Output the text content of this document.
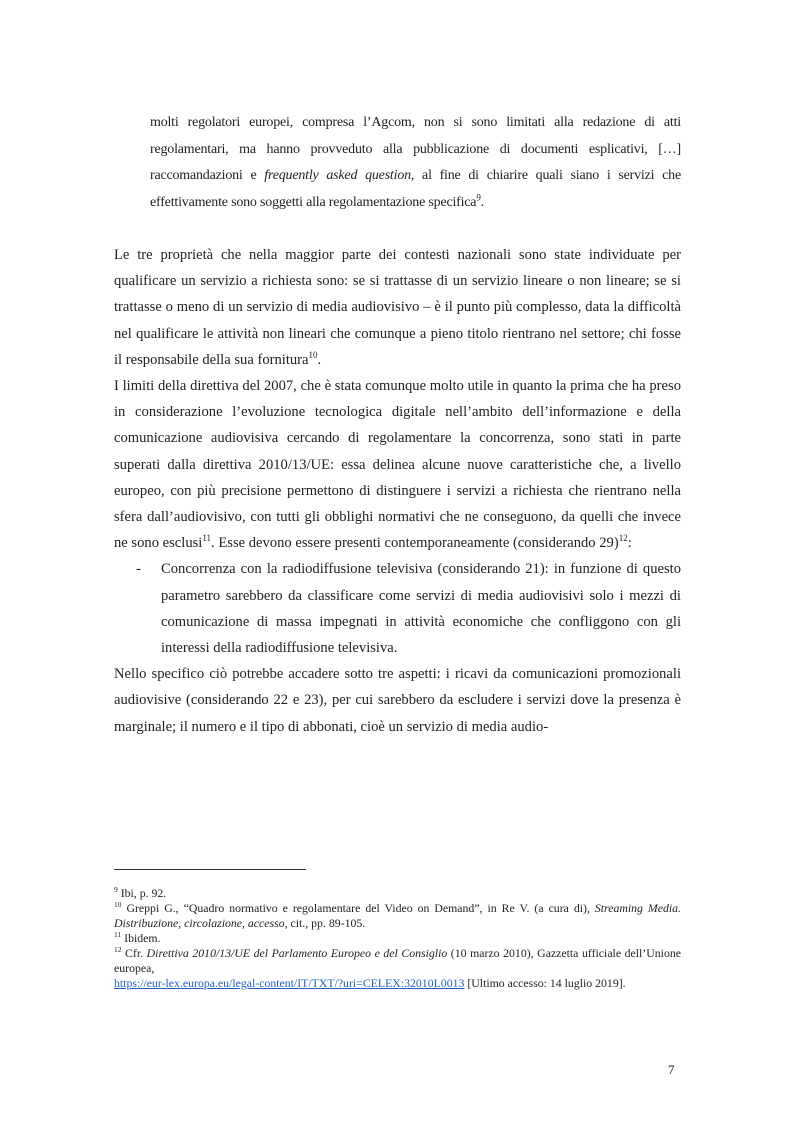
molti regolatori europei, compresa l’Agcom, non si sono limitati alla redazione di atti regolamentari, ma hanno provveduto alla pubblicazione di documenti esplicativi, […] raccomandazioni e frequently asked question, al fine di chiarire quali siano i servizi che effettivamente sono soggetti alla regolamentazione specifica$^9$.

Le tre proprietà che nella maggior parte dei contesti nazionali sono state individuate per qualificare un servizio a richiesta sono: se si trattasse di un servizio lineare o non lineare; se si trattasse o meno di un servizio di media audiovisivo – è il punto più complesso, data la difficoltà nel qualificare le attività non lineari che comunque a pieno titolo rientrano nel settore; chi fosse il responsabile della sua fornitura$^{10}$.

I limiti della direttiva del 2007, che è stata comunque molto utile in quanto la prima che ha preso in considerazione l’evoluzione tecnologica digitale nell’ambito dell’informazione e della comunicazione audiovisiva cercando di regolamentare la concorrenza, sono stati in parte superati dalla direttiva 2010/13/UE: essa delinea alcune nuove caratteristiche che, a livello europeo, con più precisione permettono di distinguere i servizi a richiesta che rientrano nella sfera dall’audiovisivo, con tutti gli obblighi normativi che ne conseguono, da quelli che invece ne sono esclusi$^{11}$. Esse devono essere presenti contemporaneamente (considerando 29)$^{12}$:

- Concorrenza con la radiodiffusione televisiva (considerando 21): in funzione di questo parametro sarebbero da classificare come servizi di media audiovisivi solo i mezzi di comunicazione di massa impegnati in attività economiche che confliggono con gli interessi della radiodiffusione televisiva.

Nello specifico ciò potrebbe accadere sotto tre aspetti: i ricavi da comunicazioni promozionali audiovisive (considerando 22 e 23), per cui sarebbero da escludere i servizi dove la presenza è marginale; il numero e il tipo di abbonati, cioè un servizio di media audio-

$^9$ Ibi, p. 92.

$^{10}$ Greppi G., “Quadro normativo e regolamentare del Video on Demand”, in Re V. (a cura di), Streaming Media. Distribuzione, circolazione, accesso, cit., pp. 89-105.

$^{11}$ Ibidem.

$^{12}$ Cfr. Direttiva 2010/13/UE del Parlamento Europeo e del Consiglio (10 marzo 2010), Gazzetta ufficiale dell’Unione europea,
https://eur-lex.europa.eu/legal-content/IT/TXT/?uri=CELEX:32010L0013 [Ultimo accesso: 14 luglio 2019].

7
